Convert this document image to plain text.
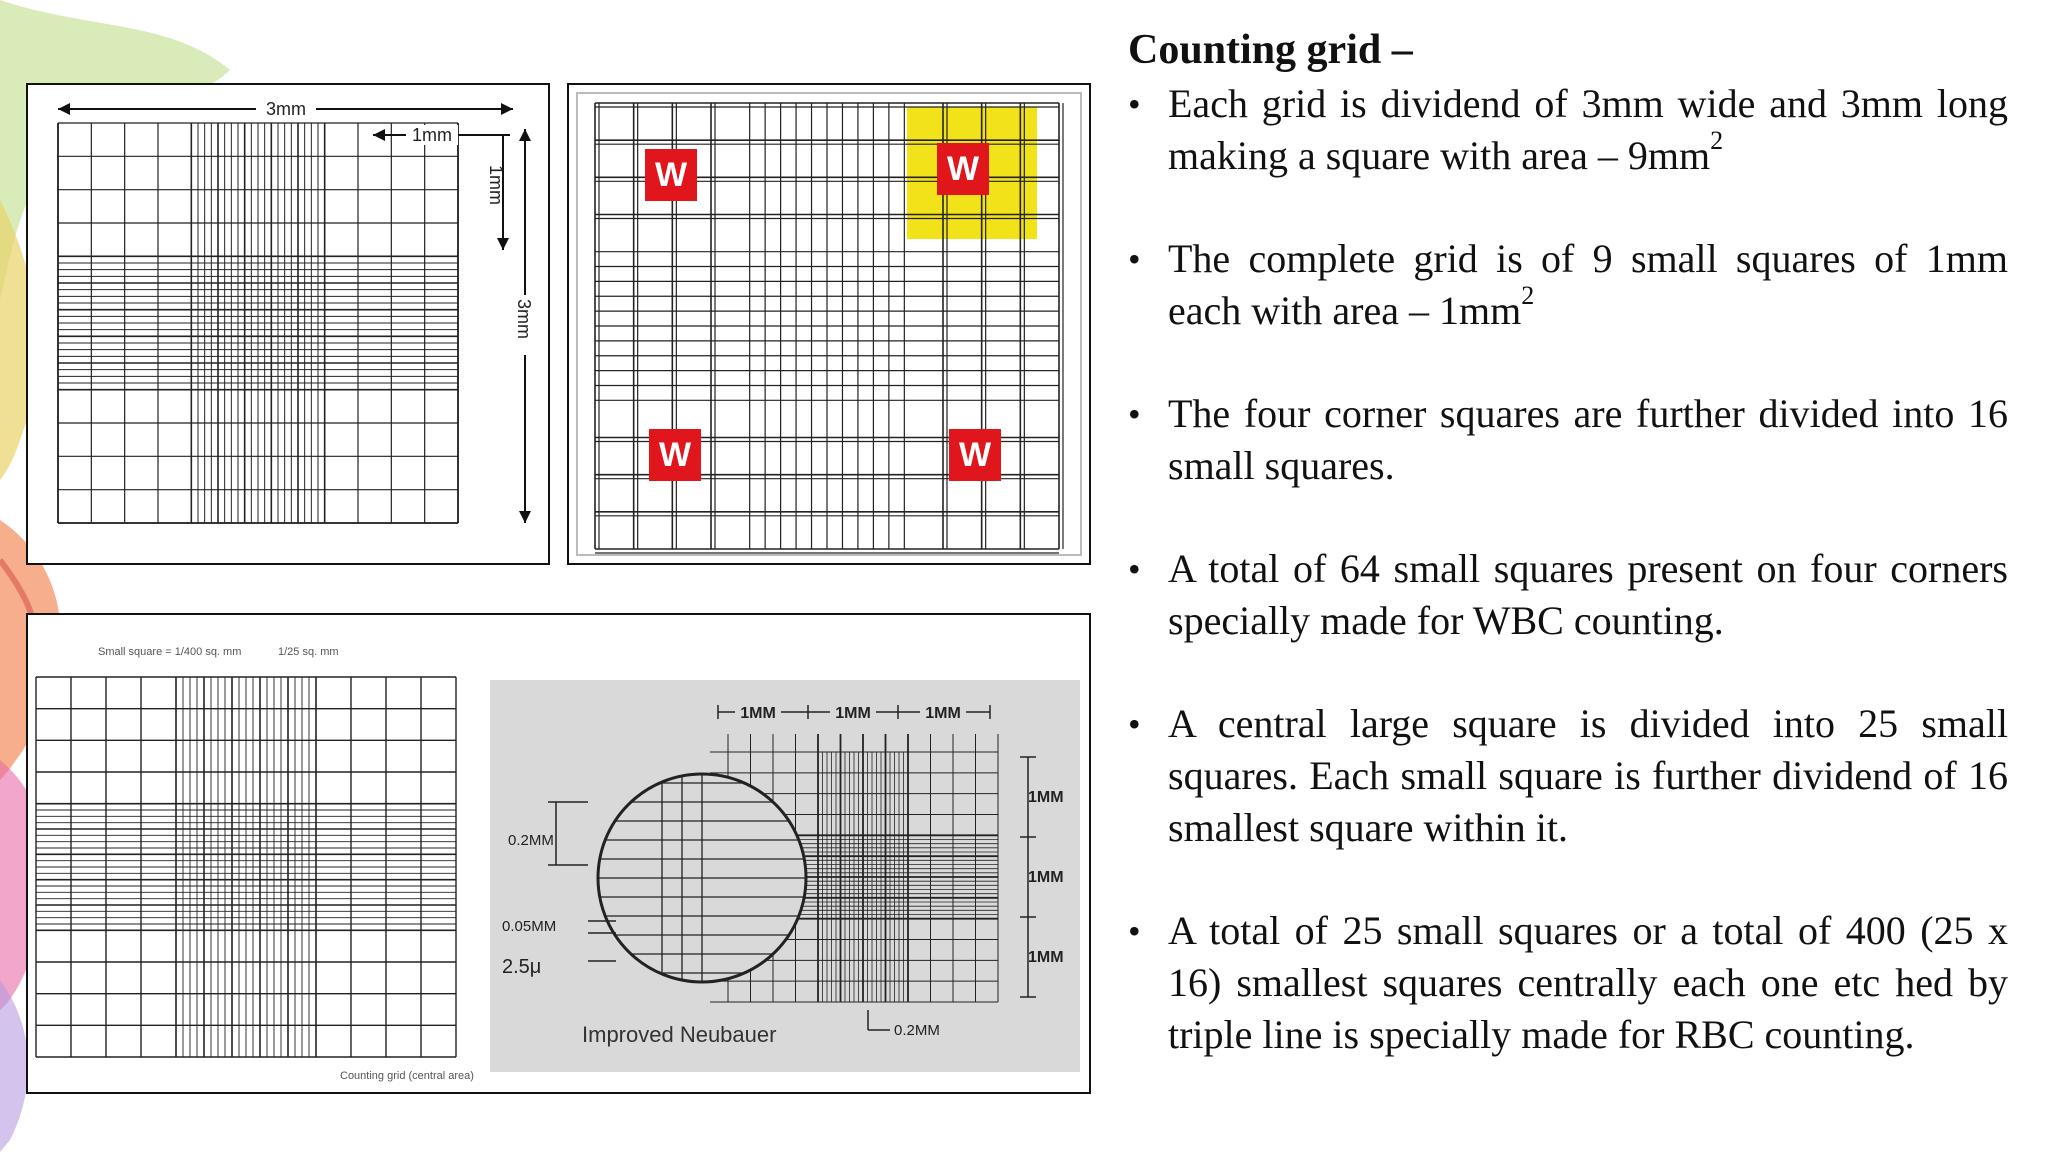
3mm
1mm
1mm
3mm
W	W
W	W
Small square = 1/400 sq. mm	1/25 sq. mm
Counting grid (central area)
1MM	1MM	1MM
1MM
1MM
1MM
0.2MM
0.05MM
2.5μ
0.2MM
Improved Neubauer
Counting grid –
• Each grid is dividend of 3mm wide and 3mm long making a square with area – $9mm^2$
• The complete grid is of 9 small squares of 1mm each with area – $1mm^2$
• The four corner squares are further divided into 16 small squares.
• A total of 64 small squares present on four corners specially made for WBC counting.
• A central large square is divided into 25 small squares. Each small square is further dividend of 16 smallest square within it.
• A total of 25 small squares or a total of 400 (25 x 16) smallest squares centrally each one etc hed by triple line is specially made for RBC counting.
